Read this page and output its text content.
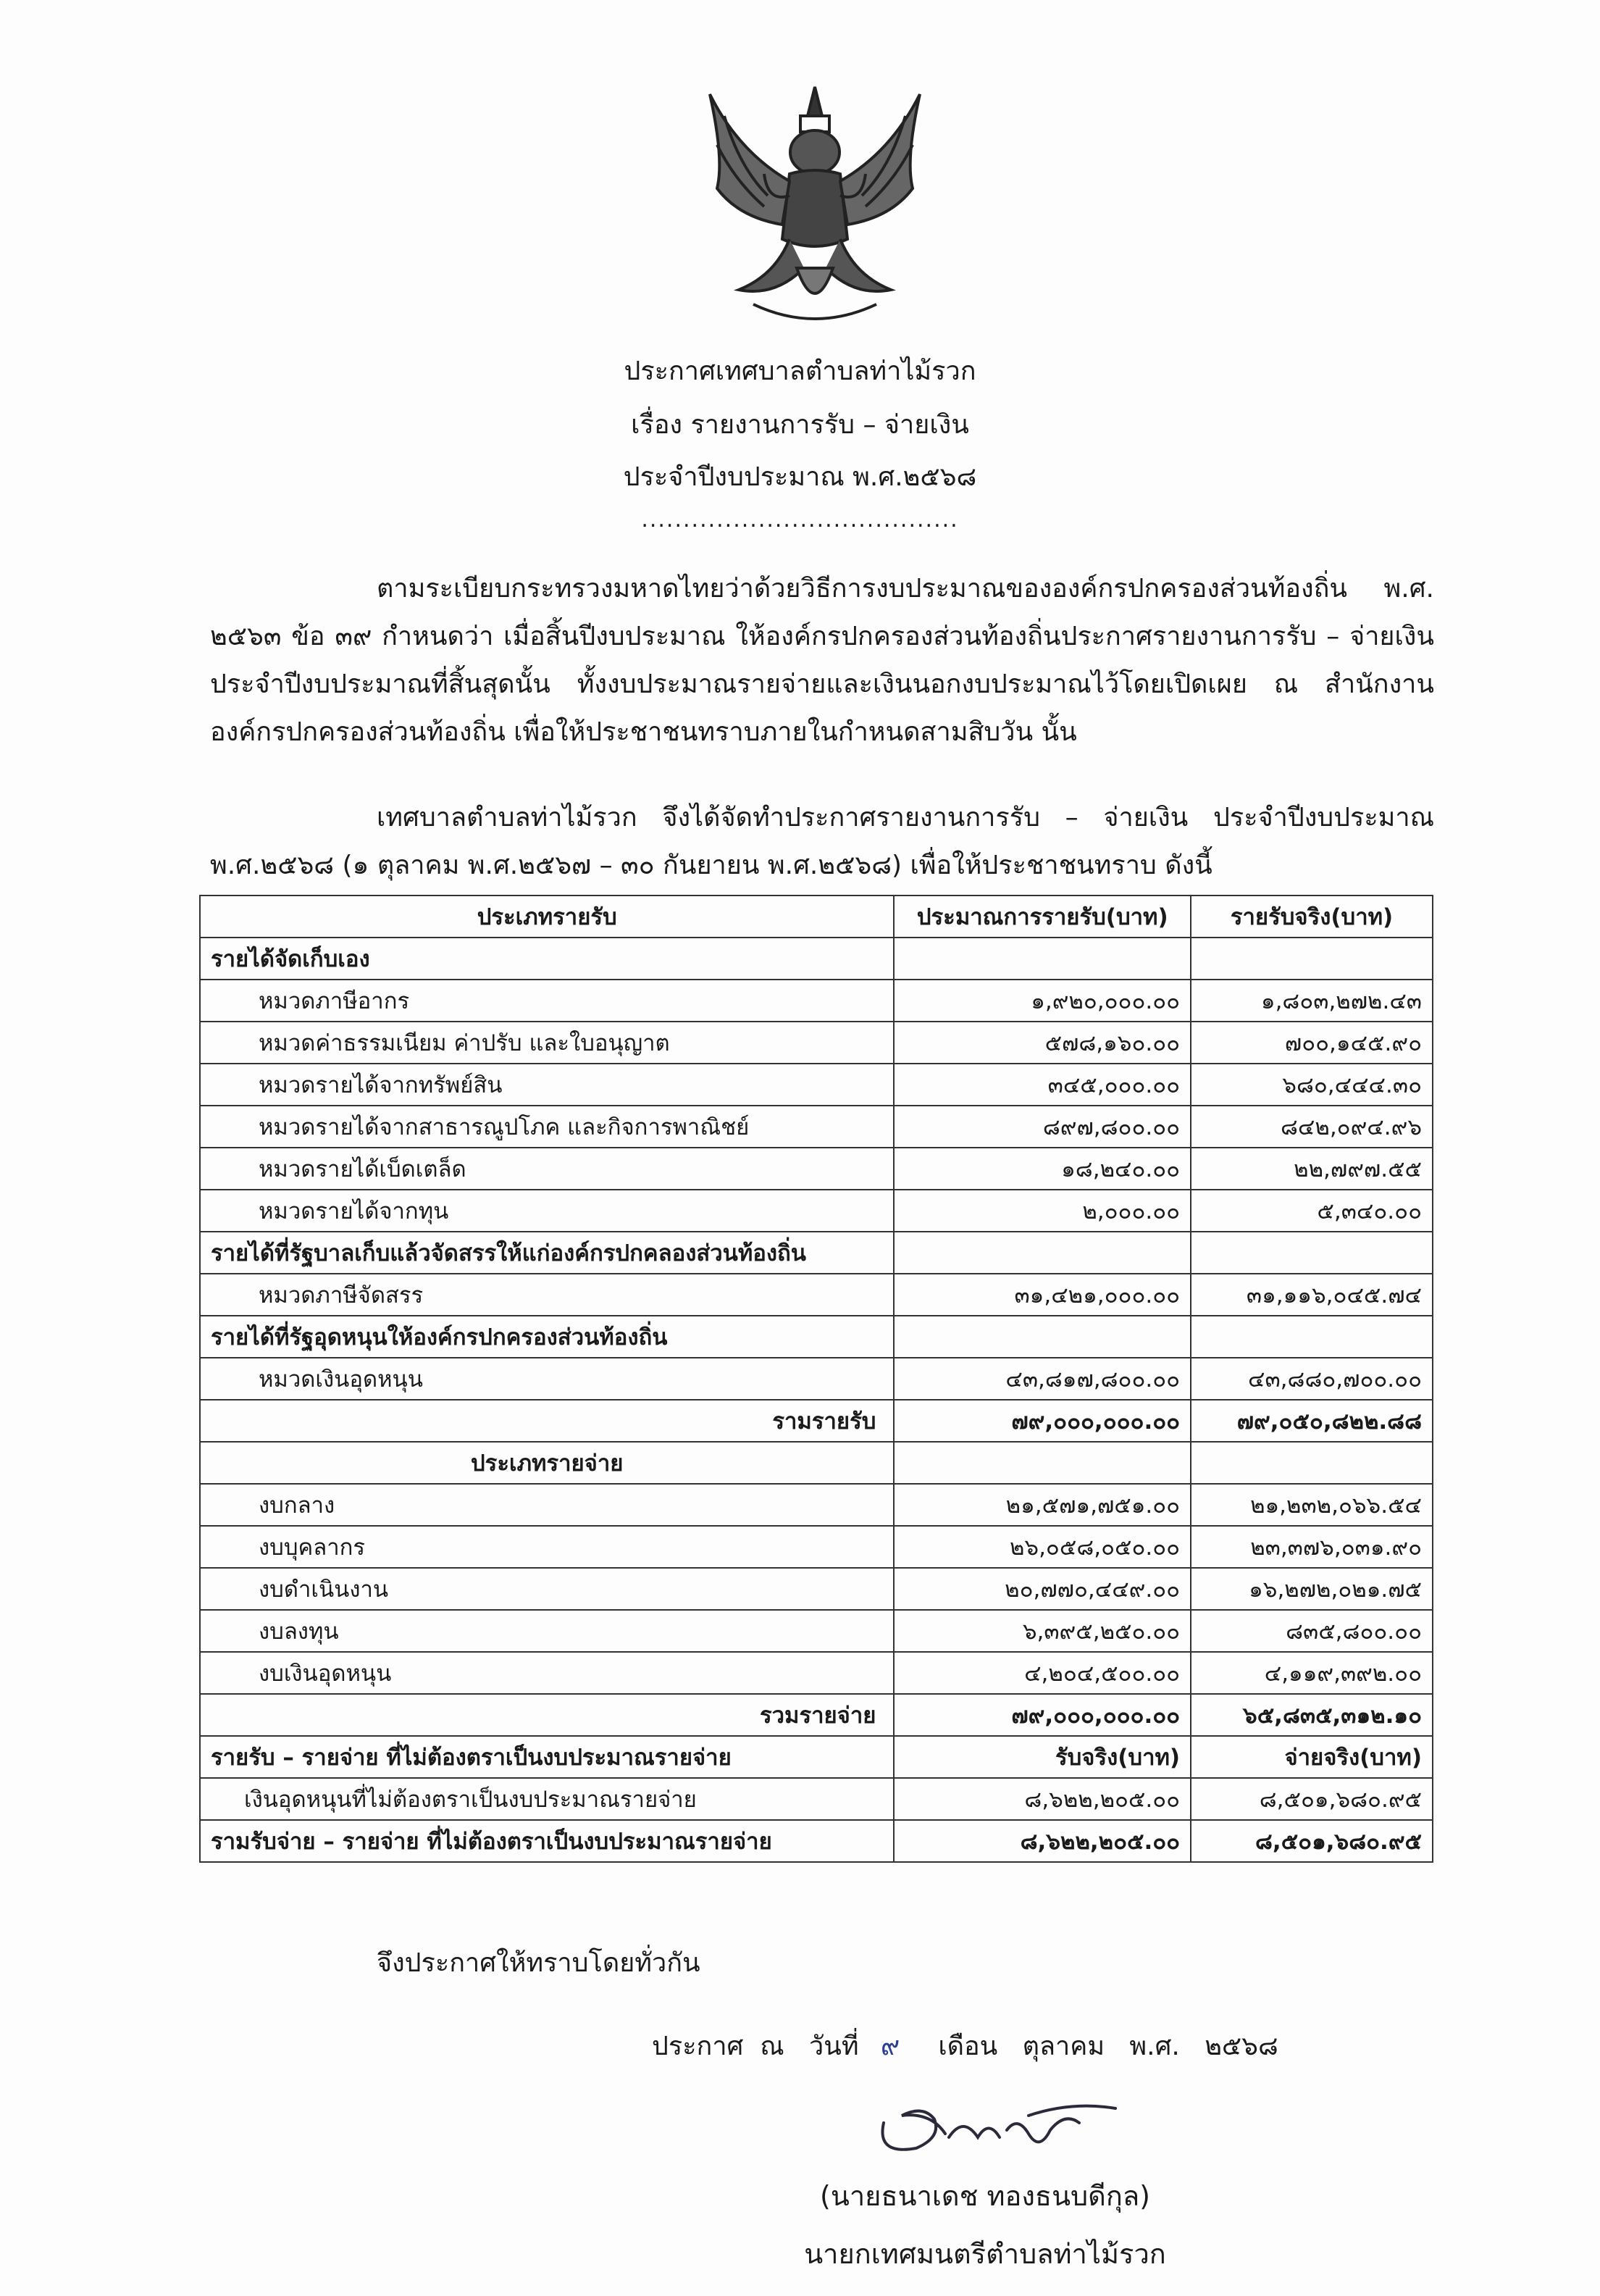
ประกาศเทศบาลตำบลท่าไม้รวก
เรื่อง รายงานการรับ – จ่ายเงิน
ประจำปีงบประมาณ พ.ศ.๒๕๖๘
......................................
ตามระเบียบกระทรวงมหาดไทยว่าด้วยวิธีการงบประมาณขององค์กรปกครองส่วนท้องถิ่น พ.ศ. ๒๕๖๓ ข้อ ๓๙ กำหนดว่า เมื่อสิ้นปีงบประมาณ ให้องค์กรปกครองส่วนท้องถิ่นประกาศรายงานการรับ – จ่ายเงิน ประจำปีงบประมาณที่สิ้นสุดนั้น ทั้งงบประมาณรายจ่ายและเงินนอกงบประมาณไว้โดยเปิดเผย ณ สำนักงานองค์กรปกครองส่วนท้องถิ่น เพื่อให้ประชาชนทราบภายในกำหนดสามสิบวัน นั้น
เทศบาลตำบลท่าไม้รวก จึงได้จัดทำประกาศรายงานการรับ – จ่ายเงิน ประจำปีงบประมาณ พ.ศ.๒๕๖๘ (๑ ตุลาคม พ.ศ.๒๕๖๗ – ๓๐ กันยายน พ.ศ.๒๕๖๘) เพื่อให้ประชาชนทราบ ดังนี้
ประเภทรายรับ	ประมาณการรายรับ(บาท)	รายรับจริง(บาท)
รายได้จัดเก็บเอง		
หมวดภาษีอากร	๑,๙๒๐,๐๐๐.๐๐	๑,๘๐๓,๒๗๒.๔๓
หมวดค่าธรรมเนียม ค่าปรับ และใบอนุญาต	๕๗๘,๑๖๐.๐๐	๗๐๐,๑๔๕.๙๐
หมวดรายได้จากทรัพย์สิน	๓๔๕,๐๐๐.๐๐	๖๘๐,๔๔๔.๓๐
หมวดรายได้จากสาธารณูปโภค และกิจการพาณิชย์	๘๙๗,๘๐๐.๐๐	๘๔๒,๐๙๔.๙๖
หมวดรายได้เบ็ดเตล็ด	๑๘,๒๔๐.๐๐	๒๒,๗๙๗.๕๕
หมวดรายได้จากทุน	๒,๐๐๐.๐๐	๕,๓๔๐.๐๐
รายได้ที่รัฐบาลเก็บแล้วจัดสรรให้แก่องค์กรปกคลองส่วนท้องถิ่น		
หมวดภาษีจัดสรร	๓๑,๔๒๑,๐๐๐.๐๐	๓๑,๑๑๖,๐๔๕.๗๔
รายได้ที่รัฐอุดหนุนให้องค์กรปกครองส่วนท้องถิ่น		
หมวดเงินอุดหนุน	๔๓,๘๑๗,๘๐๐.๐๐	๔๓,๘๘๐,๗๐๐.๐๐
รามรายรับ	๗๙,๐๐๐,๐๐๐.๐๐	๗๙,๐๕๐,๘๒๒.๘๘
ประเภทรายจ่าย		
งบกลาง	๒๑,๕๗๑,๗๕๑.๐๐	๒๑,๒๓๒,๐๖๖.๕๔
งบบุคลากร	๒๖,๐๕๘,๐๕๐.๐๐	๒๓,๓๗๖,๐๓๑.๙๐
งบดำเนินงาน	๒๐,๗๗๐,๔๔๙.๐๐	๑๖,๒๗๒,๐๒๑.๗๕
งบลงทุน	๖,๓๙๕,๒๕๐.๐๐	๘๓๕,๘๐๐.๐๐
งบเงินอุดหนุน	๔,๒๐๔,๕๐๐.๐๐	๔,๑๑๙,๓๙๒.๐๐
รวมรายจ่าย	๗๙,๐๐๐,๐๐๐.๐๐	๖๕,๘๓๕,๓๑๒.๑๐
รายรับ – รายจ่าย ที่ไม่ต้องตราเป็นงบประมาณรายจ่าย	รับจริง(บาท)	จ่ายจริง(บาท)
เงินอุดหนุนที่ไม่ต้องตราเป็นงบประมาณรายจ่าย	๘,๖๒๒,๒๐๕.๐๐	๘,๕๐๑,๖๘๐.๙๕
รามรับจ่าย – รายจ่าย ที่ไม่ต้องตราเป็นงบประมาณรายจ่าย	๘,๖๒๒,๒๐๕.๐๐	๘,๕๐๑,๖๘๐.๙๕
จึงประกาศให้ทราบโดยทั่วกัน
ประกาศ  ณ   วันที่ ๙ เดือน   ตุลาคม   พ.ศ.   ๒๕๖๘
(นายธนาเดช ทองธนบดีกุล)
นายกเทศมนตรีตำบลท่าไม้รวก
